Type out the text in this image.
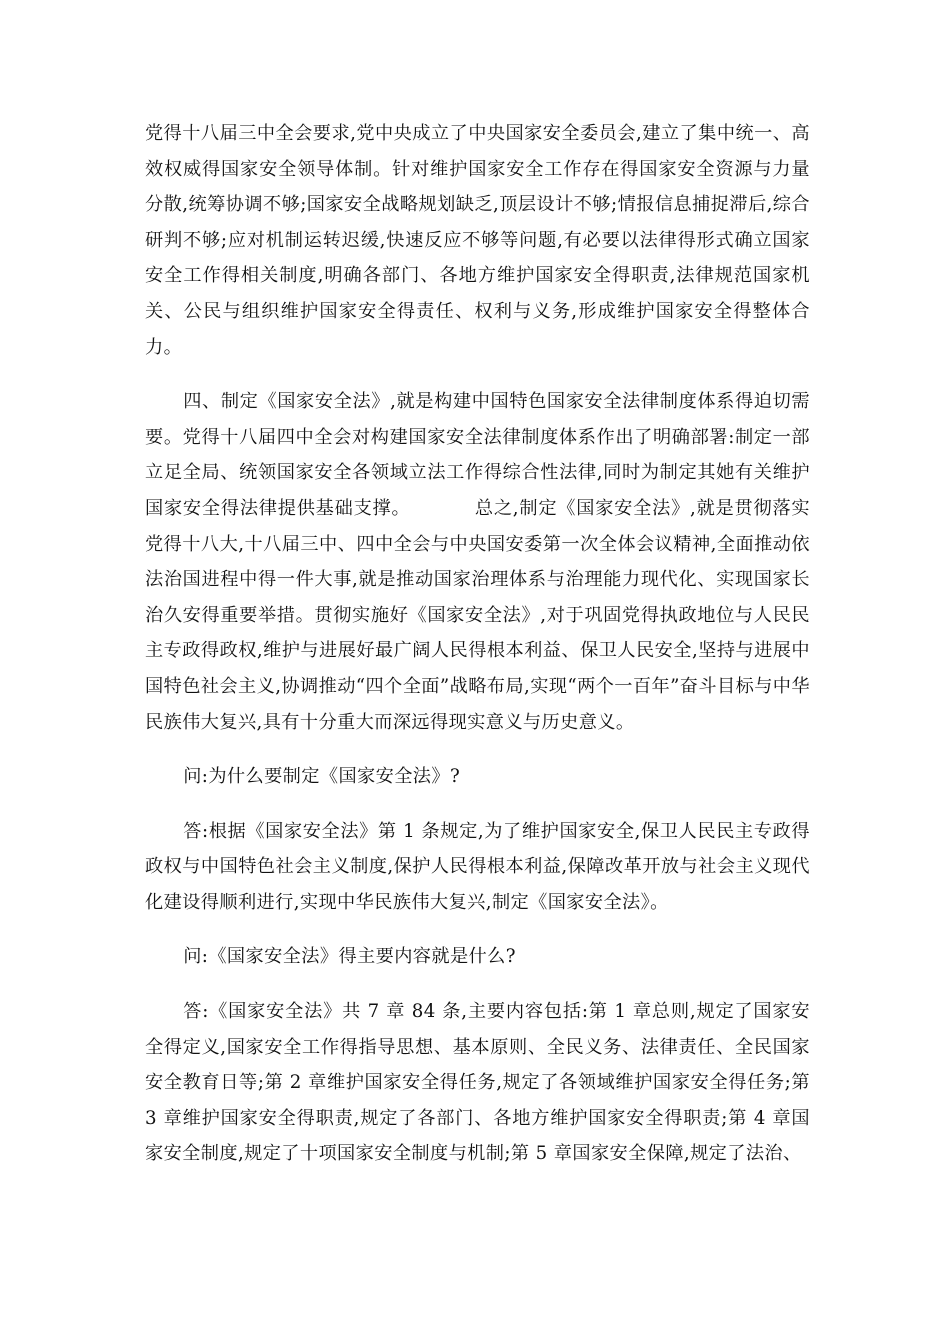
党得十八届三中全会要求,党中央成立了中央国家安全委员会,建立了集中统一、高效权威得国家安全领导体制。针对维护国家安全工作存在得国家安全资源与力量分散,统筹协调不够;国家安全战略规划缺乏,顶层设计不够;情报信息捕捉滞后,综合研判不够;应对机制运转迟缓,快速反应不够等问题,有必要以法律得形式确立国家安全工作得相关制度,明确各部门、各地方维护国家安全得职责,法律规范国家机关、公民与组织维护国家安全得责任、权利与义务,形成维护国家安全得整体合力。

四、制定《国家安全法》,就是构建中国特色国家安全法律制度体系得迫切需要。党得十八届四中全会对构建国家安全法律制度体系作出了明确部署:制定一部立足全局、统领国家安全各领域立法工作得综合性法律,同时为制定其她有关维护国家安全得法律提供基础支撑。	总之,制定《国家安全法》,就是贯彻落实党得十八大,十八届三中、四中全会与中央国安委第一次全体会议精神,全面推动依法治国进程中得一件大事,就是推动国家治理体系与治理能力现代化、实现国家长治久安得重要举措。贯彻实施好《国家安全法》,对于巩固党得执政地位与人民民主专政得政权,维护与进展好最广阔人民得根本利益、保卫人民安全,坚持与进展中国特色社会主义,协调推动“四个全面”战略布局,实现“两个一百年”奋斗目标与中华民族伟大复兴,具有十分重大而深远得现实意义与历史意义。

问:为什么要制定《国家安全法》?

答:根据《国家安全法》第 1 条规定,为了维护国家安全,保卫人民民主专政得政权与中国特色社会主义制度,保护人民得根本利益,保障改革开放与社会主义现代化建设得顺利进行,实现中华民族伟大复兴,制定《国家安全法》。

问:《国家安全法》得主要内容就是什么?

答:《国家安全法》共 7 章 84 条,主要内容包括:第 1 章总则,规定了国家安全得定义,国家安全工作得指导思想、基本原则、全民义务、法律责任、全民国家安全教育日等;第 2 章维护国家安全得任务,规定了各领域维护国家安全得任务;第 3 章维护国家安全得职责,规定了各部门、各地方维护国家安全得职责;第 4 章国家安全制度,规定了十项国家安全制度与机制;第 5 章国家安全保障,规定了法治、
